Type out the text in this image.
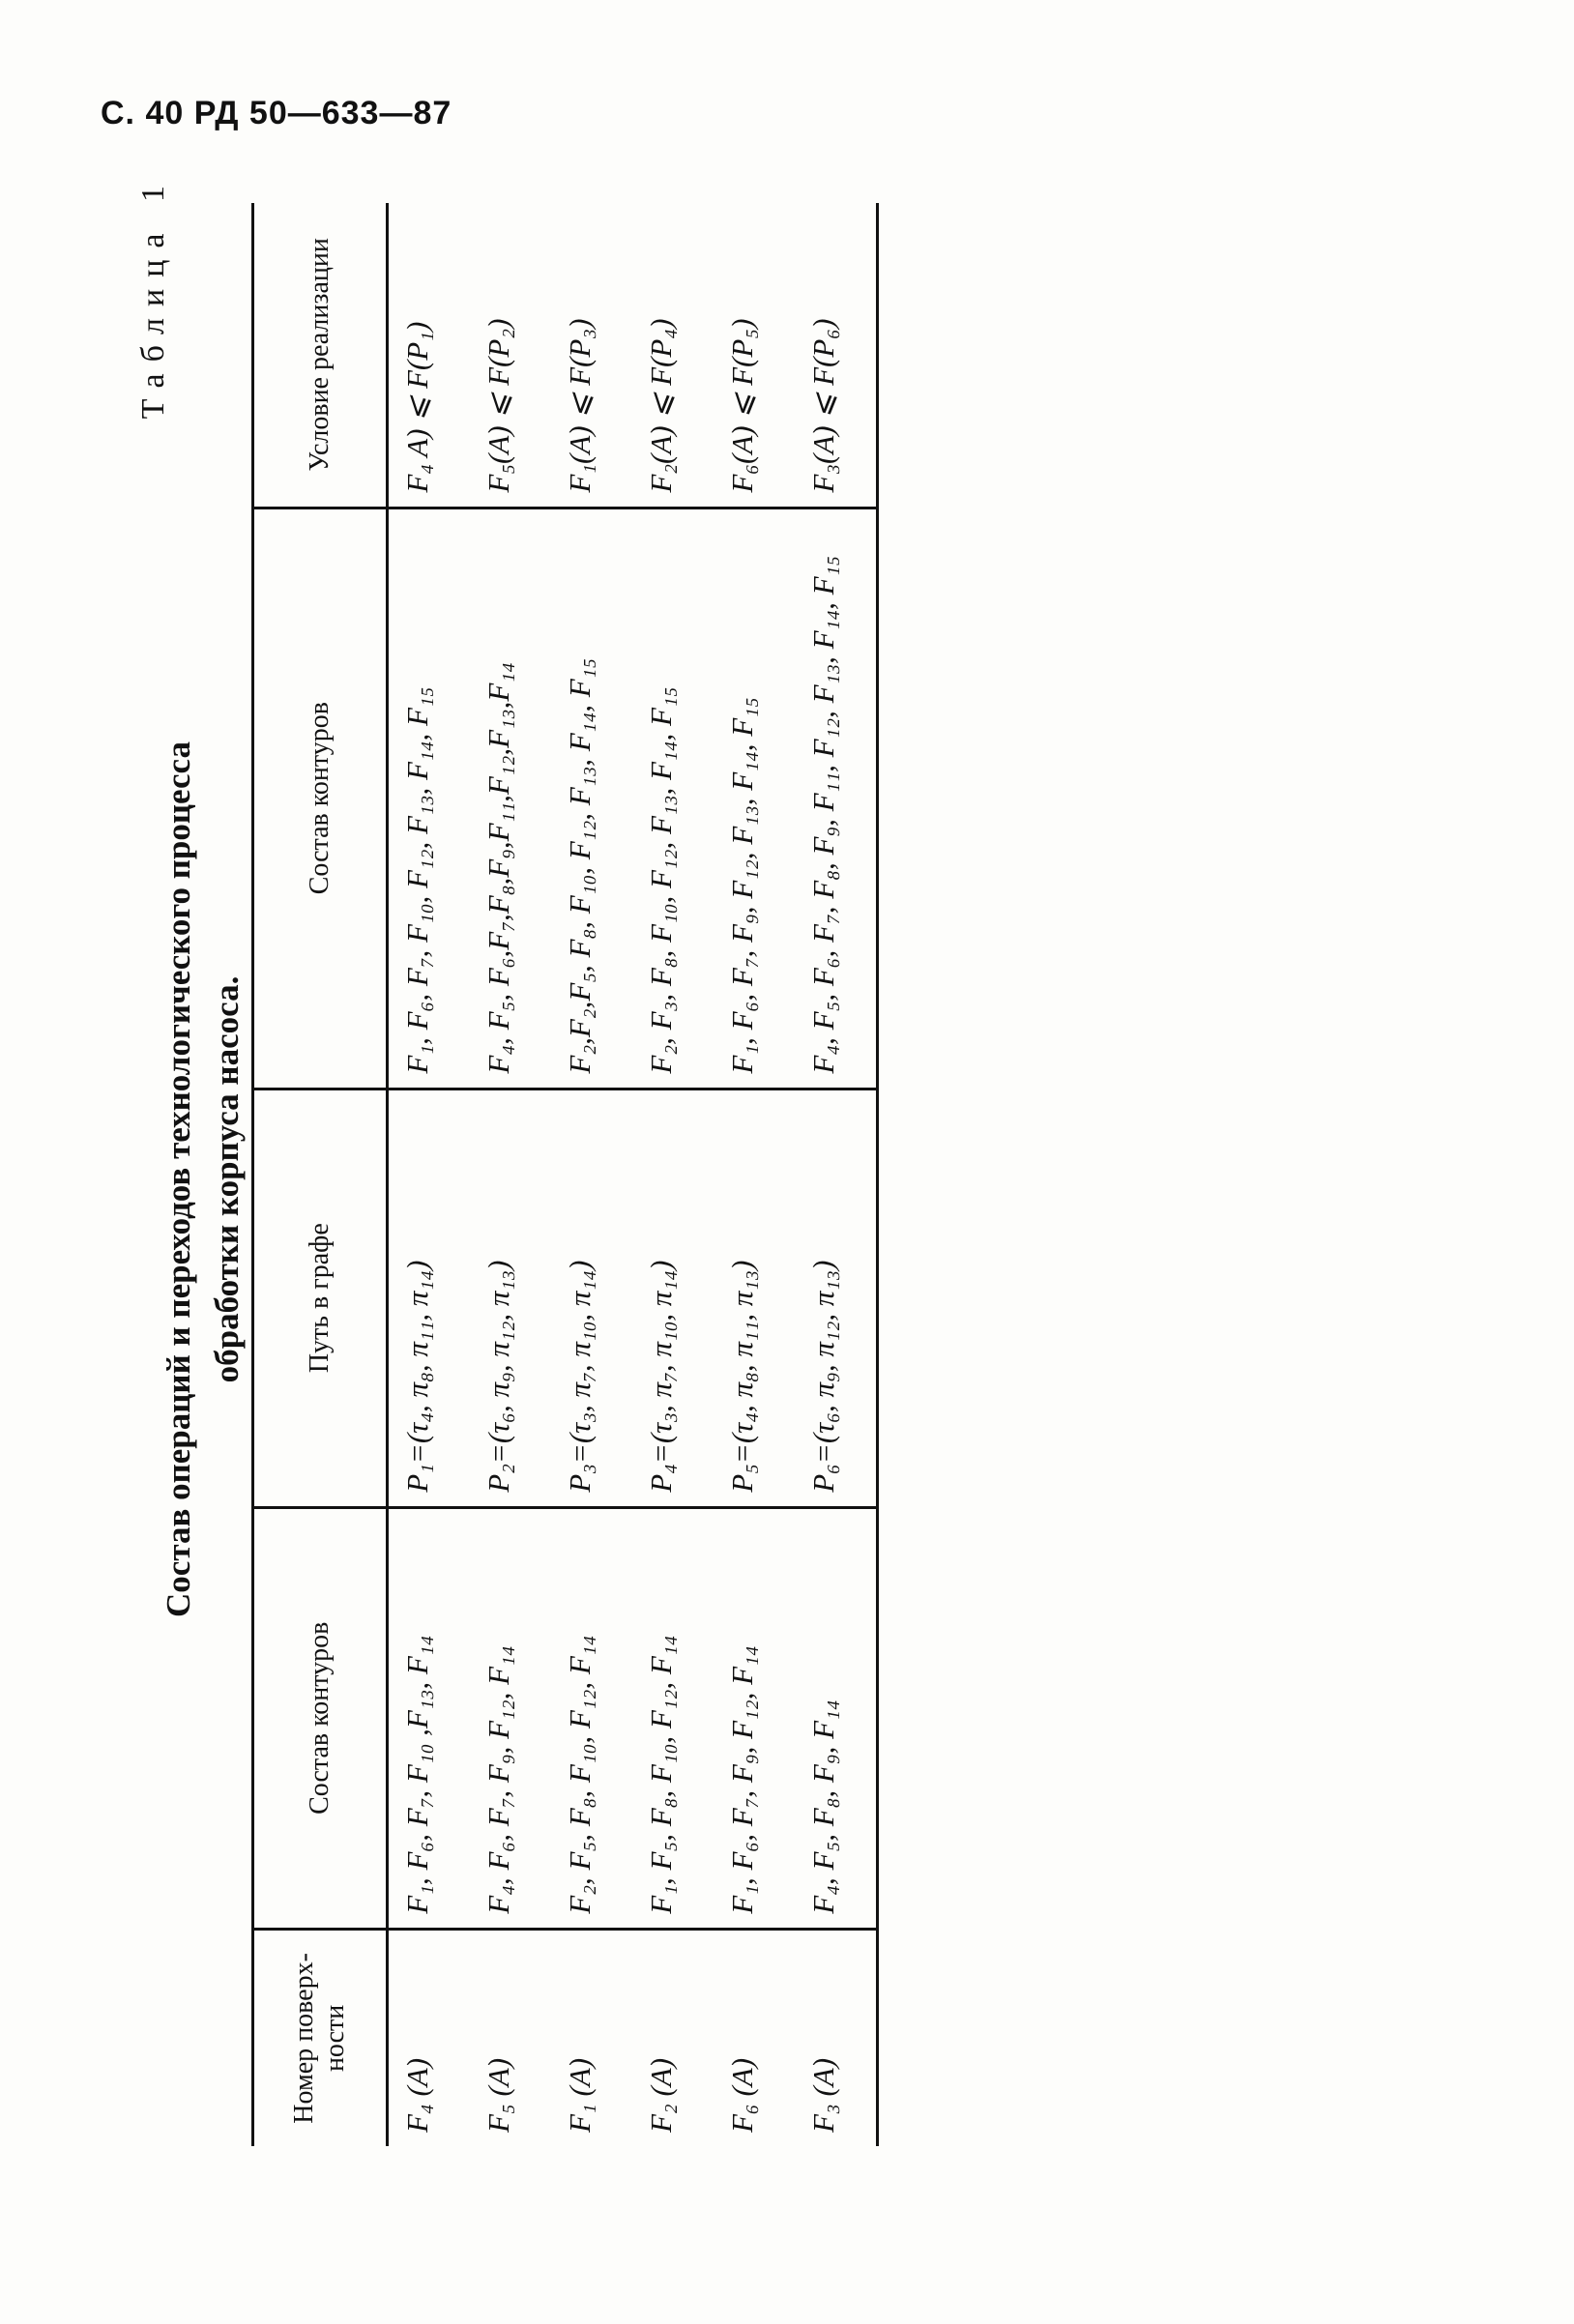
С. 40 РД 50—633—87
Таблица 1
Состав операций и переходов технологического процесса обработки корпуса насоса.
Номер поверх- ности	Состав контуров	Путь в графе	Состав контуров	Условие реализации
F₄ (A)	F₁, F₆, F₇, F₁₀ ,F₁₃, F₁₄	P₁=(τ₄, π₈, π₁₁, π₁₄)	F₁, F₆, F₇, F₁₀, F₁₂, F₁₃, F₁₄, F₁₅	F₄ A) ⩽ F(P₁)
F₅ (A)	F₄, F₆, F₇, F₉, F₁₂, F₁₄	P₂=(τ₆, π₉, π₁₂, π₁₃)	F₄, F₅, F₆,F₇,F₈,F₉,F₁₁,F₁₂,F₁₃,F₁₄	F₅(A) ⩽ F(P₂)
F₁ (A)	F₂, F₅, F₈, F₁₀, F₁₂, F₁₄	P₃=(τ₃, π₇, π₁₀, π₁₄)	F₂,F₂,F₅, F₈, F₁₀, F₁₂, F₁₃, F₁₄, F₁₅	F₁(A) ⩽ F(P₃)
F₂ (A)	F₁, F₅, F₈, F₁₀, F₁₂, F₁₄	P₄=(τ₃, π₇, π₁₀, π₁₄)	F₂, F₃, F₈, F₁₀, F₁₂, F₁₃, F₁₄, F₁₅	F₂(A) ⩽ F(P₄)
F₆ (A)	F₁, F₆, F₇, F₉, F₁₂, F₁₄	P₅=(τ₄, π₈, π₁₁, π₁₃)	F₁, F₆, F₇, F₉, F₁₂, F₁₃, F₁₄, F₁₅	F₆(A) ⩽ F(P₅)
F₃ (A)	F₄, F₅, F₈, F₉, F₁₄	P₆=(τ₆, π₉, π₁₂, π₁₃)	F₄, F₅, F₆, F₇, F₈, F₉, F₁₁, F₁₂, F₁₃, F₁₄, F₁₅	F₃(A) ⩽ F(P₆)
